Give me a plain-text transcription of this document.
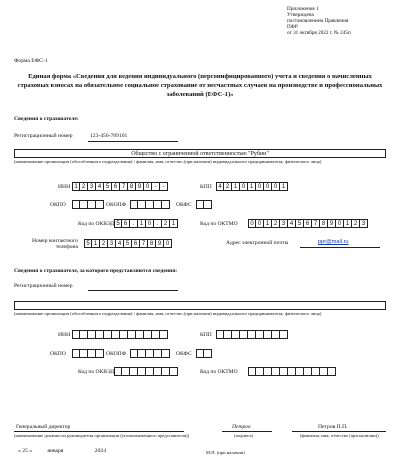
Приложение 1
Утверждена
постановлением Правления
ПФР
от 31 октября 2022 г. № 245п
Форма ЕФС-1
Единая форма «Сведения для ведения индивидуального (персонифицированного) учета и сведения о начисленных страховых взносах на обязательное социальное страхование от несчастных случаев на производстве и профессиональных заболеваний (ЕФС-1)»
Сведения о страхователе:
Регистрационный номер	123-456-789101
Общество с ограниченной ответственностью "Рубин"
(наименование организации (обособленного подразделения) / фамилия, имя, отчество (при наличии) индивидуального предпринимателя, физического лица)
ИНН 1 2 3 4 5 6 7 8 9 0 -	-	КПП	4 2 1 0 1 0 0 0 1
ОКПО	ОКОПФ	ОКФС
Код по ОКВЭД 5 6 . 1 0 . 2 1	Код по ОКТМО	0 0 1 2 3 4 5 6 7 8 9 0 1 2 3
Номер контактного телефона	5 1 2 3 4 5 6 7 8 9 0	Адрес электронной почты	ppr@mail.ru
Сведения о страхователе, за которого представляются сведения:
Регистрационный номер
(наименование организации (обособленного подразделения) / фамилия, имя, отчество (при наличии) индивидуального предпринимателя, физического лица)
ИНН	КПП
ОКПО	ОКОПФ	ОКФС
Код по ОКВЭД	Код по ОКТМО
Генеральный директор
(наименование должности руководителя организации (уполномоченного представителя))
Петров
(подпись)
Петров П.П.
(фамилия, имя, отчество (при наличии))
« 25 »	января	2024	М.П. (при наличии)
